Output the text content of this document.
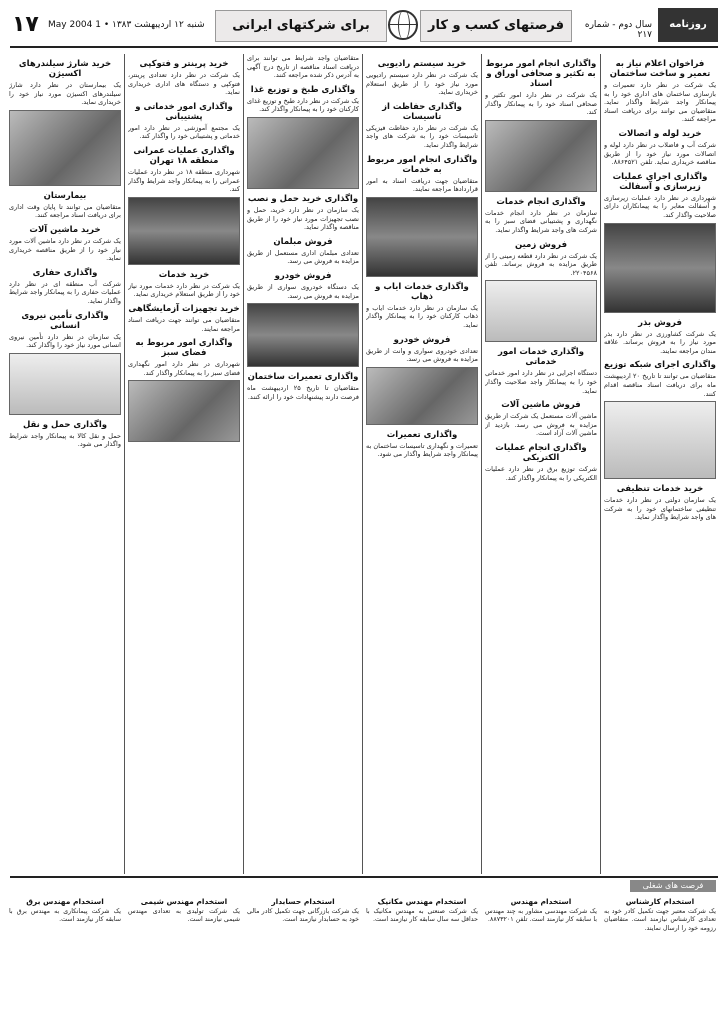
۱۷ شنبه ۱۲ اردیبهشت ۱۳۸۳ • May 2004 1	برای شرکتهای ایرانی	فرصتهای کسب و کار	سال دوم - شماره ۲۱۷
روزنامه
فراخوان اعلام نیاز به تعمیر و ساخت ساختمان

یک شرکت در نظر دارد تعمیرات و بازسازی ساختمان های اداری خود را به پیمانکار واجد شرایط واگذار نماید. متقاضیان می توانند برای دریافت اسناد مراجعه کنند.

خرید لوله و اتصالات

شرکت آب و فاضلاب در نظر دارد لوله و اتصالات مورد نیاز خود را از طریق مناقصه خریداری نماید. تلفن ۸۸۶۴۵۲۱.

واگذاری اجرای عملیات زیرسازی و آسفالت

شهرداری در نظر دارد عملیات زیرسازی و آسفالت معابر را به پیمانکاران دارای صلاحیت واگذار کند.

فروش بذر

یک شرکت کشاورزی در نظر دارد بذر مورد نیاز را به فروش برساند. علاقه مندان مراجعه نمایند.

واگذاری اجرای شبکه توزیع

متقاضیان می توانند تا تاریخ ۲۰ اردیبهشت ماه برای دریافت اسناد مناقصه اقدام کنند.

خرید خدمات تنظیفی

یک سازمان دولتی در نظر دارد خدمات تنظیفی ساختمانهای خود را به شرکت های واجد شرایط واگذار نماید.

واگذاری انجام امور مربوط به تکثیر و صحافی اوراق و اسناد

یک شرکت در نظر دارد امور تکثیر و صحافی اسناد خود را به پیمانکار واگذار کند.

واگذاری انجام خدمات

سازمان در نظر دارد انجام خدمات نگهداری و پشتیبانی فضای سبز را به شرکت های واجد شرایط واگذار نماید.

فروش زمین

یک شرکت در نظر دارد قطعه زمینی را از طریق مزایده به فروش برساند. تلفن ۲۲۰۴۵۶۸.

واگذاری خدمات امور خدماتی

دستگاه اجرایی در نظر دارد امور خدماتی خود را به پیمانکار واجد صلاحیت واگذار نماید.

فروش ماشین آلات

ماشین آلات مستعمل یک شرکت از طریق مزایده به فروش می رسد. بازدید از ماشین آلات آزاد است.

واگذاری انجام عملیات الکتریکی

شرکت توزیع برق در نظر دارد عملیات الکتریکی را به پیمانکار واگذار کند.

خرید سیستم رادیویی

یک شرکت در نظر دارد سیستم رادیویی مورد نیاز خود را از طریق استعلام خریداری نماید.

واگذاری حفاظت از تاسیسات

یک شرکت در نظر دارد حفاظت فیزیکی تاسیسات خود را به شرکت های واجد شرایط واگذار نماید.

واگذاری انجام امور مربوط به خدمات

متقاضیان جهت دریافت اسناد به امور قراردادها مراجعه نمایند.

واگذاری خدمات ایاب و ذهاب

یک سازمان در نظر دارد خدمات ایاب و ذهاب کارکنان خود را به پیمانکار واگذار نماید.

فروش خودرو

تعدادی خودروی سواری و وانت از طریق مزایده به فروش می رسد.

واگذاری تعمیرات

تعمیرات و نگهداری تاسیسات ساختمان به پیمانکار واجد شرایط واگذار می شود.

متقاضیان واجد شرایط می توانند برای دریافت اسناد مناقصه از تاریخ درج آگهی به آدرس ذکر شده مراجعه کنند.

واگذاری طبخ و توزیع غذا

یک شرکت در نظر دارد طبخ و توزیع غذای کارکنان خود را به پیمانکار واگذار کند.

واگذاری خرید حمل و نصب

یک سازمان در نظر دارد خرید، حمل و نصب تجهیزات مورد نیاز خود را از طریق مناقصه واگذار نماید.

فروش مبلمان

تعدادی مبلمان اداری مستعمل از طریق مزایده به فروش می رسد.

فروش خودرو

یک دستگاه خودروی سواری از طریق مزایده به فروش می رسد.

واگذاری تعمیرات ساختمان

متقاضیان تا تاریخ ۲۵ اردیبهشت ماه فرصت دارند پیشنهادات خود را ارائه کنند.

خرید پرینتر و فتوکپی

یک شرکت در نظر دارد تعدادی پرینتر، فتوکپی و دستگاه های اداری خریداری نماید.

واگذاری امور خدماتی و پشتیبانی

یک مجتمع آموزشی در نظر دارد امور خدماتی و پشتیبانی خود را واگذار کند.

واگذاری عملیات عمرانی منطقه ۱۸ تهران

شهرداری منطقه ۱۸ در نظر دارد عملیات عمرانی را به پیمانکار واجد شرایط واگذار کند.

خرید خدمات

یک شرکت در نظر دارد خدمات مورد نیاز خود را از طریق استعلام خریداری نماید.

خرید تجهیزات آزمایشگاهی

متقاضیان می توانند جهت دریافت اسناد مراجعه نمایند.

واگذاری امور مربوط به فضای سبز

شهرداری در نظر دارد امور نگهداری فضای سبز را به پیمانکار واگذار کند.

خرید شارژ سیلندرهای اکسیژن

یک بیمارستان در نظر دارد شارژ سیلندرهای اکسیژن مورد نیاز خود را خریداری نماید.

بیمارستان

متقاضیان می توانند تا پایان وقت اداری برای دریافت اسناد مراجعه کنند.

خرید ماشین آلات

یک شرکت در نظر دارد ماشین آلات مورد نیاز خود را از طریق مناقصه خریداری نماید.

واگذاری حفاری

شرکت آب منطقه ای در نظر دارد عملیات حفاری را به پیمانکار واجد شرایط واگذار نماید.

واگذاری تأمین نیروی انسانی

یک سازمان در نظر دارد تأمین نیروی انسانی مورد نیاز خود را واگذار کند.

واگذاری حمل و نقل

حمل و نقل کالا به پیمانکار واجد شرایط واگذار می شود.

فرصت های شغلی
استخدام کارشناس

یک شرکت معتبر جهت تکمیل کادر خود به تعدادی کارشناس نیازمند است. متقاضیان رزومه خود را ارسال نمایند.

استخدام مهندس

یک شرکت مهندسی مشاور به چند مهندس با سابقه کار نیازمند است. تلفن ۸۸۷۳۲۰۱.

استخدام مهندس مکانیک

یک شرکت صنعتی به مهندس مکانیک با حداقل سه سال سابقه کار نیازمند است.

استخدام حسابدار

یک شرکت بازرگانی جهت تکمیل کادر مالی خود به حسابدار نیازمند است.

استخدام مهندس شیمی

یک شرکت تولیدی به تعدادی مهندس شیمی نیازمند است.

استخدام مهندس برق

یک شرکت پیمانکاری به مهندس برق با سابقه کار نیازمند است.
